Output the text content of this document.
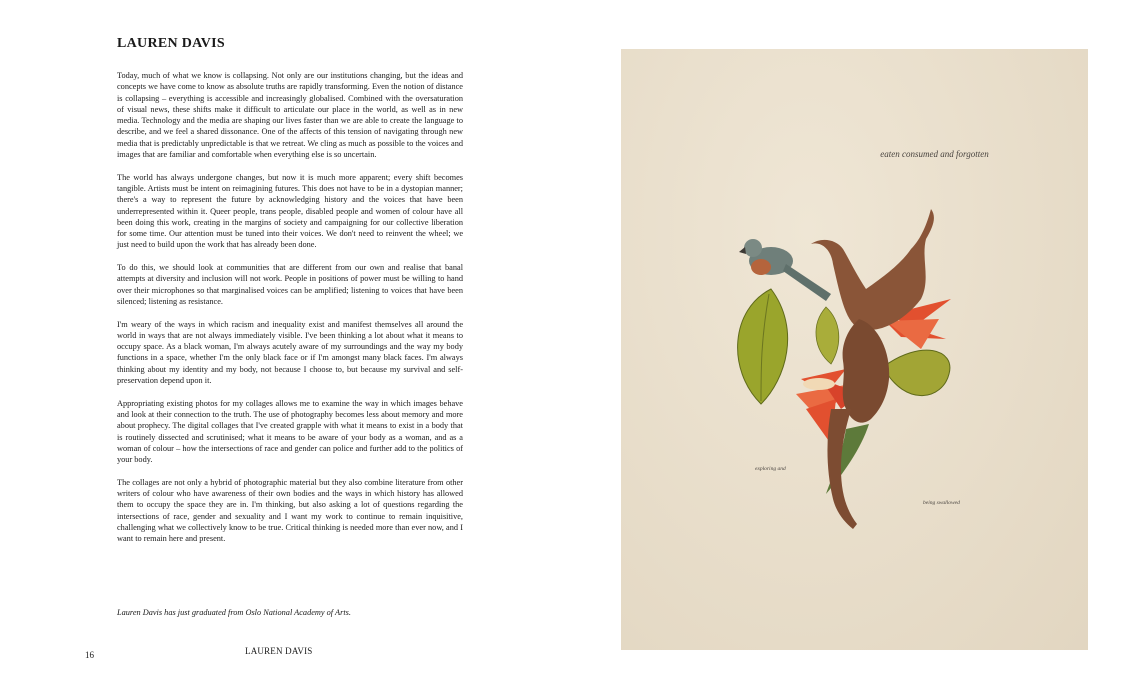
LAUREN DAVIS

Today, much of what we know is collapsing. Not only are our institutions changing, but the ideas and concepts we have come to know as absolute truths are rapidly transforming. Even the notion of distance is collapsing – everything is accessible and increasingly globalised. Combined with the oversaturation of visual news, these shifts make it difficult to articulate our place in the world, as well as in new media. Technology and the media are shaping our lives faster than we are able to create the language to describe, and we feel a shared dissonance. One of the affects of this tension of navigating through new media that is predictably unpredictable is that we retreat. We cling as much as possible to the voices and images that are familiar and comfortable when everything else is so uncertain.

The world has always undergone changes, but now it is much more apparent; every shift becomes tangible. Artists must be intent on reimagining futures. This does not have to be in a dystopian manner; there's a way to represent the future by acknowledging history and the voices that have been underrepresented within it. Queer people, trans people, disabled people and women of colour have all been doing this work, creating in the margins of society and campaigning for our collective liberation for some time. Our attention must be tuned into their voices. We don't need to reinvent the wheel; we just need to build upon the work that has already been done.

To do this, we should look at communities that are different from our own and realise that banal attempts at diversity and inclusion will not work. People in positions of power must be willing to hand over their microphones so that marginalised voices can be amplified; listening to voices that have been silenced; listening as resistance.

I'm weary of the ways in which racism and inequality exist and manifest themselves all around the world in ways that are not always immediately visible. I've been thinking a lot about what it means to occupy space. As a black woman, I'm always acutely aware of my surroundings and the way my body functions in a space, whether I'm the only black face or if I'm amongst many black faces. I'm always thinking about my identity and my body, not because I choose to, but because my survival and self-preservation depend upon it.

Appropriating existing photos for my collages allows me to examine the way in which images behave and look at their connection to the truth. The use of photography becomes less about memory and more about prophecy. The digital collages that I've created grapple with what it means to exist in a body that is routinely dissected and scrutinised; what it means to be aware of your body as a woman, and as a woman of colour – how the intersections of race and gender can police and further add to the politics of your body.

The collages are not only a hybrid of photographic material but they also combine literature from other writers of colour who have awareness of their own bodies and the ways in which history has allowed them to occupy the space they are in. I'm thinking, but also asking a lot of questions regarding the intersections of race, gender and sexuality and I want my work to continue to remain inquisitive, challenging what we collectively know to be true. Critical thinking is needed more than ever now, and I want to remain here and present.

Lauren Davis has just graduated from Oslo National Academy of Arts.
16	LAUREN DAVIS
eaten consumed and forgotten
exploring and
being swallowed
